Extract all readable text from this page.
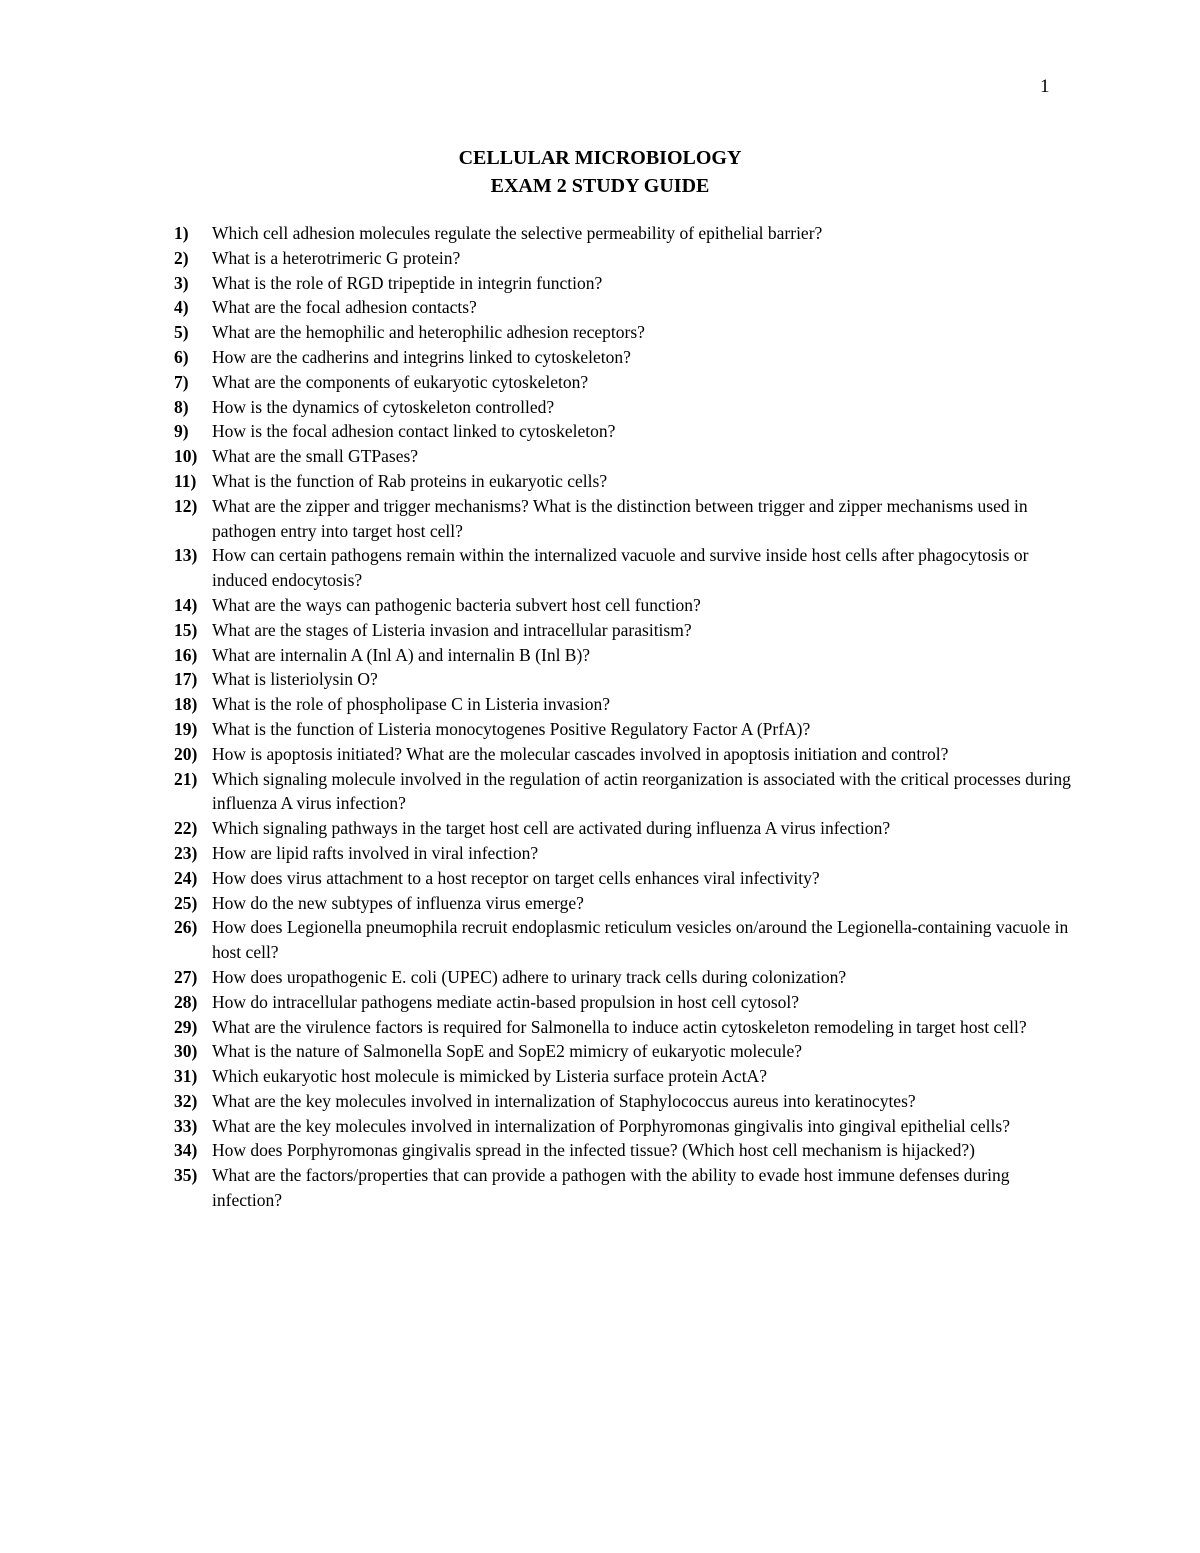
1
CELLULAR MICROBIOLOGY
EXAM 2 STUDY GUIDE
1) Which cell adhesion molecules regulate the selective permeability of epithelial barrier?
2) What is a heterotrimeric G protein?
3) What is the role of RGD tripeptide in integrin function?
4) What are the focal adhesion contacts?
5) What are the hemophilic and heterophilic adhesion receptors?
6) How are the cadherins and integrins linked to cytoskeleton?
7) What are the components of eukaryotic cytoskeleton?
8) How is the dynamics of cytoskeleton controlled?
9) How is the focal adhesion contact linked to cytoskeleton?
10) What are the small GTPases?
11) What is the function of Rab proteins in eukaryotic cells?
12) What are the zipper and trigger mechanisms? What is the distinction between trigger and zipper mechanisms used in pathogen entry into target host cell?
13) How can certain pathogens remain within the internalized vacuole and survive inside host cells after phagocytosis or induced endocytosis?
14) What are the ways can pathogenic bacteria subvert host cell function?
15) What are the stages of Listeria invasion and intracellular parasitism?
16) What are internalin A (Inl A) and internalin B (Inl B)?
17) What is listeriolysin O?
18) What is the role of phospholipase C in Listeria invasion?
19) What is the function of Listeria monocytogenes Positive Regulatory Factor A (PrfA)?
20) How is apoptosis initiated? What are the molecular cascades involved in apoptosis initiation and control?
21) Which signaling molecule involved in the regulation of actin reorganization is associated with the critical processes during influenza A virus infection?
22) Which signaling pathways in the target host cell are activated during influenza A virus infection?
23) How are lipid rafts involved in viral infection?
24) How does virus attachment to a host receptor on target cells enhances viral infectivity?
25) How do the new subtypes of influenza virus emerge?
26) How does Legionella pneumophila recruit endoplasmic reticulum vesicles on/around the Legionella-containing vacuole in host cell?
27) How does uropathogenic E. coli (UPEC) adhere to urinary track cells during colonization?
28) How do intracellular pathogens mediate actin-based propulsion in host cell cytosol?
29) What are the virulence factors is required for Salmonella to induce actin cytoskeleton remodeling in target host cell?
30) What is the nature of Salmonella SopE and SopE2 mimicry of eukaryotic molecule?
31) Which eukaryotic host molecule is mimicked by Listeria surface protein ActA?
32) What are the key molecules involved in internalization of Staphylococcus aureus into keratinocytes?
33) What are the key molecules involved in internalization of Porphyromonas gingivalis into gingival epithelial cells?
34) How does Porphyromonas gingivalis spread in the infected tissue? (Which host cell mechanism is hijacked?)
35) What are the factors/properties that can provide a pathogen with the ability to evade host immune defenses during infection?
